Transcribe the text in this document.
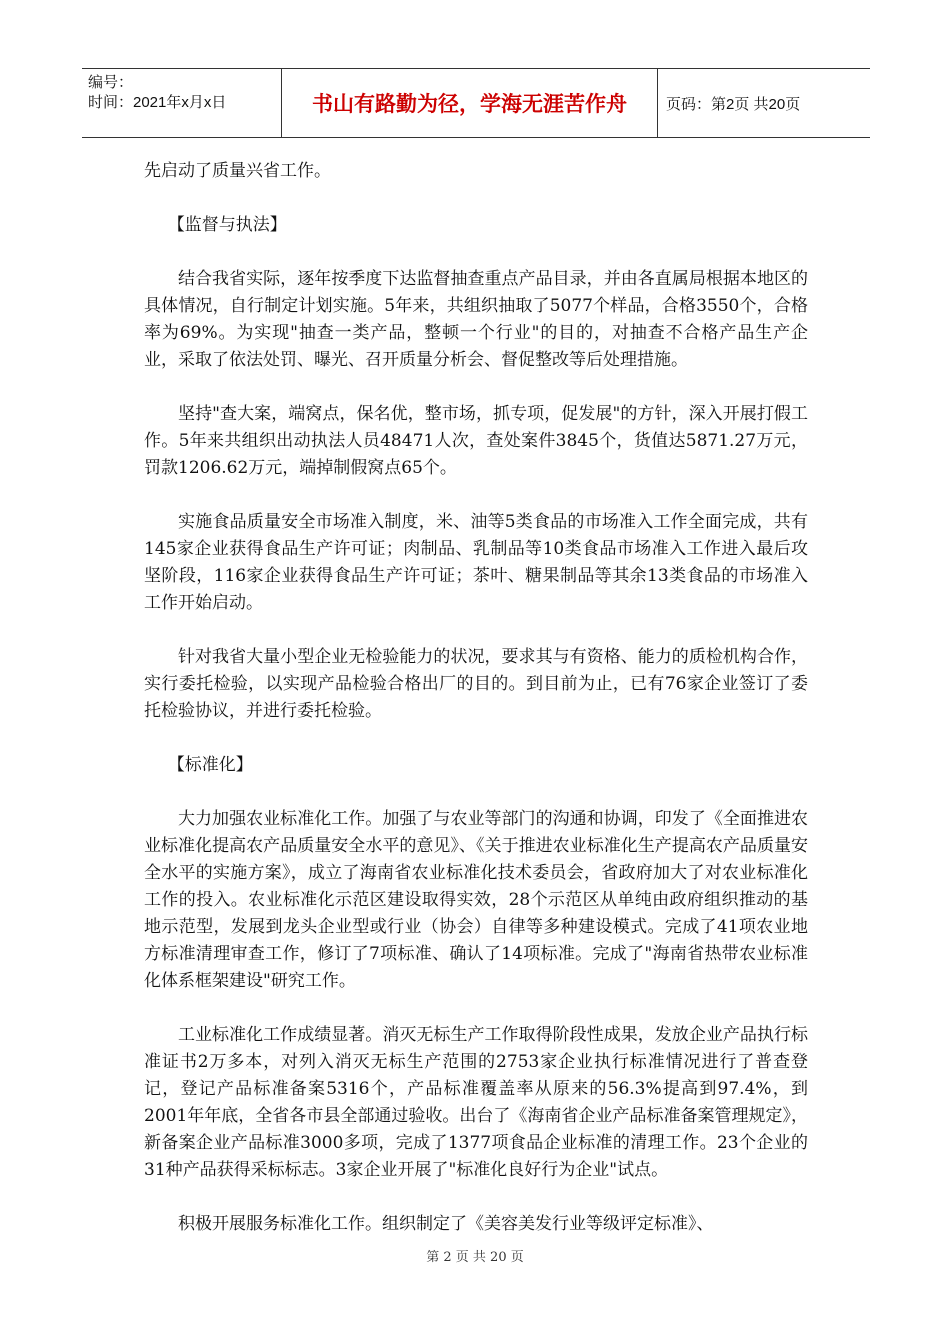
编号：
时间：2021年x月x日	书山有路勤为径，学海无涯苦作舟	页码：第2页 共20页

先启动了质量兴省工作。

【监督与执法】

结合我省实际，逐年按季度下达监督抽查重点产品目录，并由各直属局根据本地区的具体情况，自行制定计划实施。5年来，共组织抽取了5077个样品，合格3550个，合格率为69%。为实现"抽查一类产品，整顿一个行业"的目的，对抽查不合格产品生产企业，采取了依法处罚、曝光、召开质量分析会、督促整改等后处理措施。

坚持"查大案，端窝点，保名优，整市场，抓专项，促发展"的方针，深入开展打假工作。5年来共组织出动执法人员48471人次，查处案件3845个，货值达5871.27万元，罚款1206.62万元，端掉制假窝点65个。

实施食品质量安全市场准入制度，米、油等5类食品的市场准入工作全面完成，共有145家企业获得食品生产许可证；肉制品、乳制品等10类食品市场准入工作进入最后攻坚阶段，116家企业获得食品生产许可证；茶叶、糖果制品等其余13类食品的市场准入工作开始启动。

针对我省大量小型企业无检验能力的状况，要求其与有资格、能力的质检机构合作，实行委托检验，以实现产品检验合格出厂的目的。到目前为止，已有76家企业签订了委托检验协议，并进行委托检验。

【标准化】

大力加强农业标准化工作。加强了与农业等部门的沟通和协调，印发了《全面推进农业标准化提高农产品质量安全水平的意见》、《关于推进农业标准化生产提高农产品质量安全水平的实施方案》，成立了海南省农业标准化技术委员会，省政府加大了对农业标准化工作的投入。农业标准化示范区建设取得实效，28个示范区从单纯由政府组织推动的基地示范型，发展到龙头企业型或行业（协会）自律等多种建设模式。完成了41项农业地方标准清理审查工作，修订了7项标准、确认了14项标准。完成了"海南省热带农业标准化体系框架建设"研究工作。

工业标准化工作成绩显著。消灭无标生产工作取得阶段性成果，发放企业产品执行标准证书2万多本，对列入消灭无标生产范围的2753家企业执行标准情况进行了普查登记，登记产品标准备案5316个，产品标准覆盖率从原来的56.3%提高到97.4%，到2001年年底，全省各市县全部通过验收。出台了《海南省企业产品标准备案管理规定》，新备案企业产品标准3000多项，完成了1377项食品企业标准的清理工作。23个企业的31种产品获得采标标志。3家企业开展了"标准化良好行为企业"试点。

积极开展服务标准化工作。组织制定了《美容美发行业等级评定标准》、

第 2 页 共 20 页
